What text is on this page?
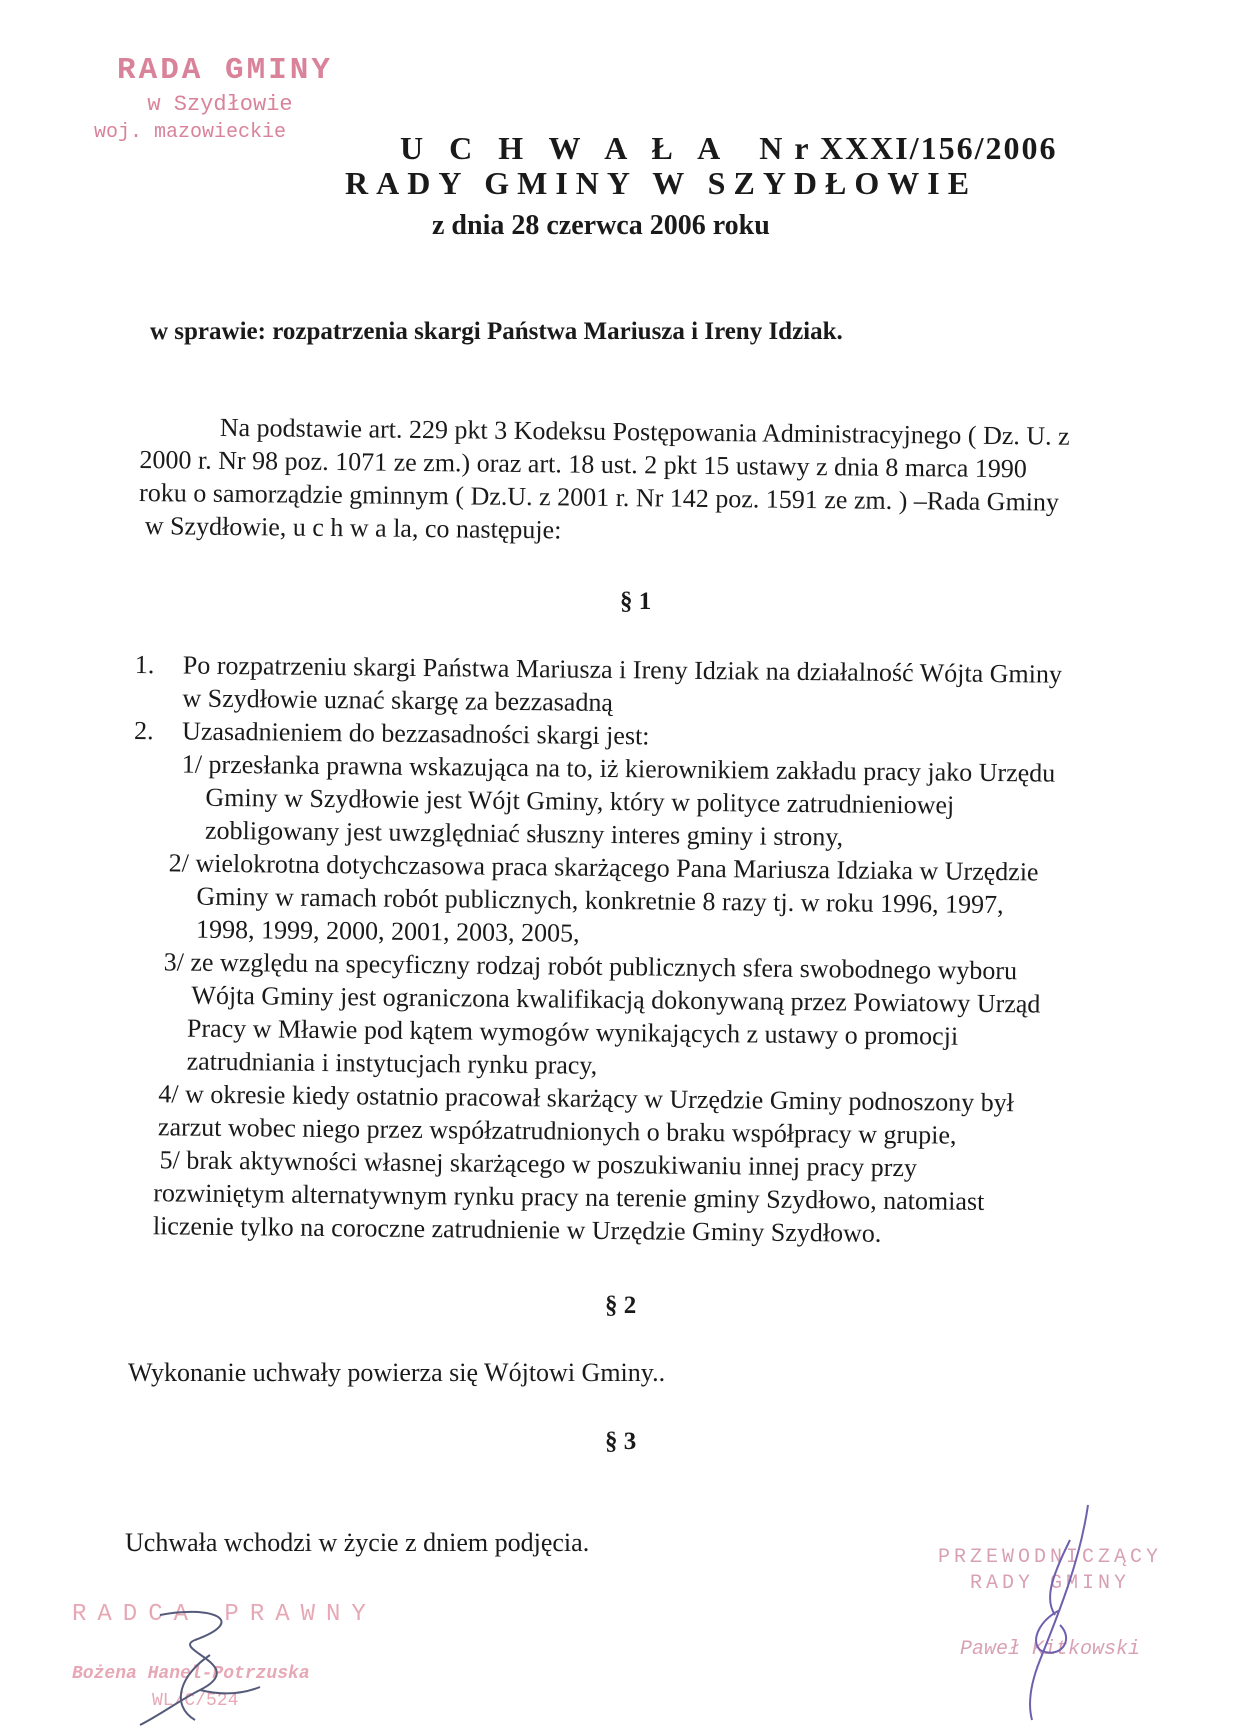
RADA GMINY
w Szydłowie
woj. mazowieckie	U C H W A Ł A N r XXXI/156/2006
RADY GMINY W SZYDŁOWIE
z dnia 28 czerwca 2006 roku
w sprawie: rozpatrzenia skargi Państwa Mariusza i Ireny Idziak.
Na podstawie art. 229 pkt 3 Kodeksu Postępowania Administracyjnego ( Dz. U. z
2000 r. Nr 98 poz. 1071 ze zm.) oraz art. 18 ust. 2 pkt 15 ustawy z dnia 8 marca 1990
roku o samorządzie gminnym ( Dz.U. z 2001 r. Nr 142 poz. 1591 ze zm. ) –Rada Gminy
w Szydłowie, u c h w a la, co następuje:
§ 1
1. Po rozpatrzeniu skargi Państwa Mariusza i Ireny Idziak na działalność Wójta Gminy
w Szydłowie uznać skargę za bezzasadną
2. Uzasadnieniem do bezzasadności skargi jest:
1/ przesłanka prawna wskazująca na to, iż kierownikiem zakładu pracy jako Urzędu
Gminy w Szydłowie jest Wójt Gminy, który w polityce zatrudnieniowej
zobligowany jest uwzględniać słuszny interes gminy i strony,
2/ wielokrotna dotychczasowa praca skarżącego Pana Mariusza Idziaka w Urzędzie
Gminy w ramach robót publicznych, konkretnie 8 razy tj. w roku 1996, 1997,
1998, 1999, 2000, 2001, 2003, 2005,
3/ ze względu na specyficzny rodzaj robót publicznych sfera swobodnego wyboru
Wójta Gminy jest ograniczona kwalifikacją dokonywaną przez Powiatowy Urząd
Pracy w Mławie pod kątem wymogów wynikających z ustawy o promocji
zatrudniania i instytucjach rynku pracy,
4/ w okresie kiedy ostatnio pracował skarżący w Urzędzie Gminy podnoszony był
zarzut wobec niego przez współzatrudnionych o braku współpracy w grupie,
5/ brak aktywności własnej skarżącego w poszukiwaniu innej pracy przy
rozwiniętym alternatywnym rynku pracy na terenie gminy Szydłowo, natomiast
liczenie tylko na coroczne zatrudnienie w Urzędzie Gminy Szydłowo.
§ 2
Wykonanie uchwały powierza się Wójtowi Gminy..
§ 3
Uchwała wchodzi w życie z dniem podjęcia.
RADCA PRAWNY
Bożena Hanel-Potrzuska
WL/C/524
PRZEWODNICZĄCY
RADY GMINY
Paweł Kitkowski
